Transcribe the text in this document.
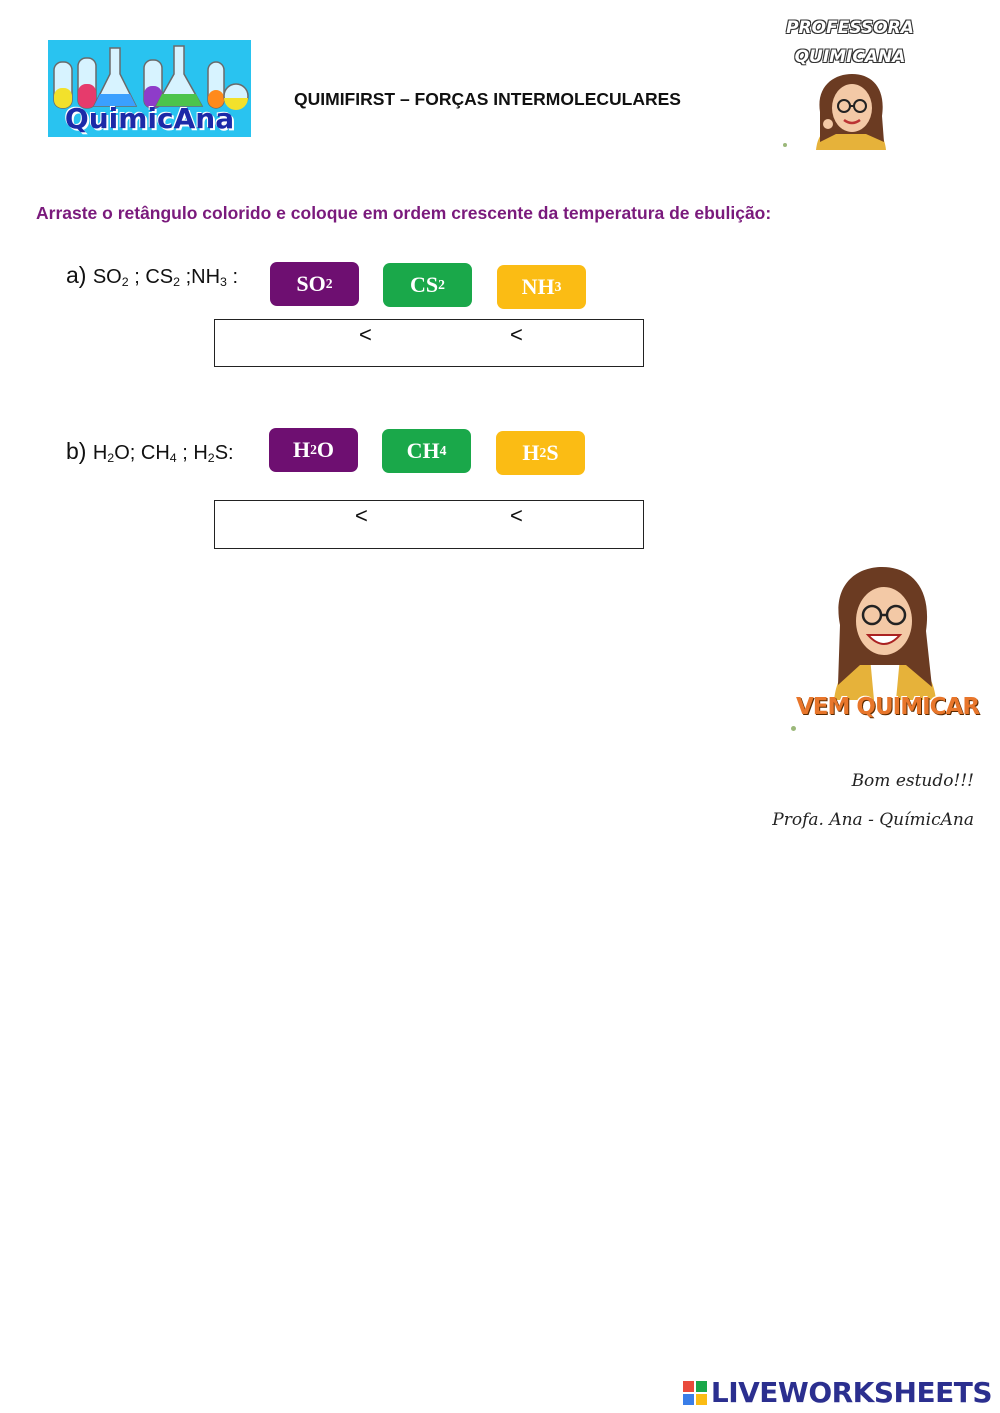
QuimicAna
QUIMIFIRST – FORÇAS INTERMOLECULARES
PROFESSORA
QUIMICANA
Arraste o retângulo colorido e coloque em ordem crescente da temperatura de ebulição:
a) $SO_2$ ; $CS_2$ $;NH_3$ :	SO 2	CS 2	NH 3
<	<
b) $H_2O$; $CH_4$ ; $H_2S$:	H 2 O	CH 4	H 2 S
<	<
VEM QUIMICAR
Bom estudo!!!
Profa. Ana - QuímicAna
LIVEWORKSHEETS
